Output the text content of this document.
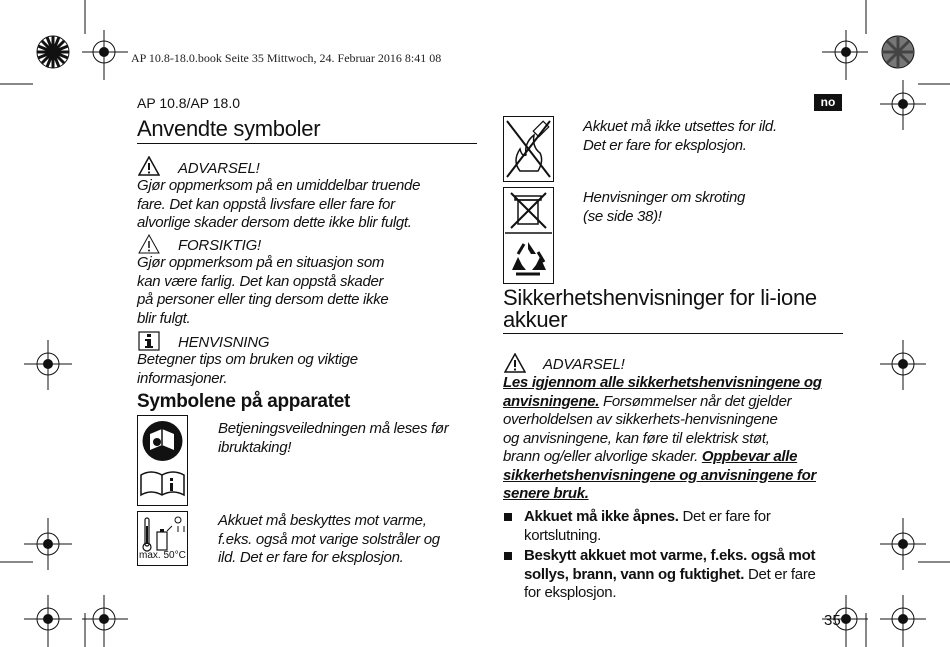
AP 10.8-18.0.book Seite 35 Mittwoch, 24. Februar 2016 8:41 08
AP 10.8/AP 18.0	no
Anvendte symboler
ADVARSEL!
Gjør oppmerksom på en umiddelbar truende
fare. Det kan oppstå livsfare eller fare for
alvorlige skader dersom dette ikke blir fulgt.
FORSIKTIG!
Gjør oppmerksom på en situasjon som
kan være farlig. Det kan oppstå skader
på personer eller ting dersom dette ikke
blir fulgt.
HENVISNING
Betegner tips om bruken og viktige
informasjoner.
Symbolene på apparatet
Betjeningsveiledningen må leses før
ibruktaking!
max. 50°C
Akkuet må beskyttes mot varme,
f.eks. også mot varige solstråler og
ild. Det er fare for eksplosjon.
Akkuet må ikke utsettes for ild.
Det er fare for eksplosjon.
Henvisninger om skroting
(se side 38)!
Sikkerhetshenvisninger for li-ione
akkuer
ADVARSEL!
Les igjennom alle sikkerhetshenvisningene og
anvisningene. Forsømmelser når det gjelder
overholdelsen av sikkerhets-henvisningene
og anvisningene, kan føre til elektrisk støt,
brann og/eller alvorlige skader. Oppbevar alle
sikkerhetshenvisningene og anvisningene for
senere bruk.
Akkuet må ikke åpnes. Det er fare for
kortslutning.
Beskytt akkuet mot varme, f.eks. også mot
sollys, brann, vann og fuktighet. Det er fare
for eksplosjon.
35
